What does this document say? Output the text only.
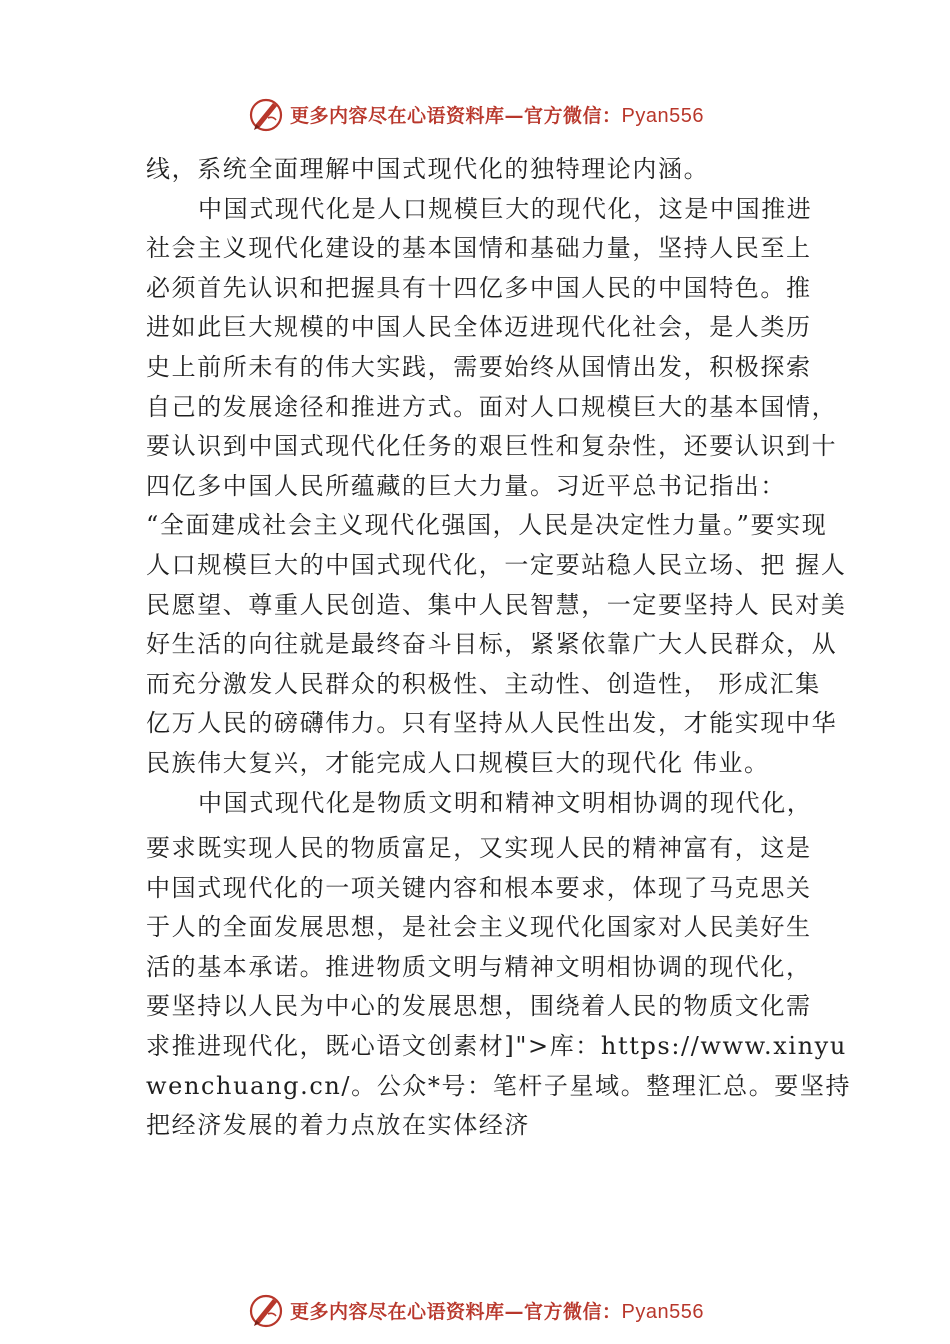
更多内容尽在心语资料库—官方微信：Pyan556
线，系统全面理解中国式现代化的独特理论内涵。
中国式现代化是人口规模巨大的现代化，这是中国推进
社会主义现代化建设的基本国情和基础力量，坚持人民至上
必须首先认识和把握具有十四亿多中国人民的中国特色。推
进如此巨大规模的中国人民全体迈进现代化社会，是人类历
史上前所未有的伟大实践，需要始终从国情出发，积极探索
自己的发展途径和推进方式。面对人口规模巨大的基本国情，
要认识到中国式现代化任务的艰巨性和复杂性，还要认识到十
四亿多中国人民所蕴藏的巨大力量。习近平总书记指出：
“全面建成社会主义现代化强国，人民是决定性力量。”要实现
人口规模巨大的中国式现代化，一定要站稳人民立场、把 握人
民愿望、尊重人民创造、集中人民智慧，一定要坚持人 民对美
好生活的向往就是最终奋斗目标，紧紧依靠广大人民群众，从
而充分激发人民群众的积极性、主动性、创造性， 形成汇集
亿万人民的磅礴伟力。只有坚持从人民性出发，才能实现中华
民族伟大复兴，才能完成人口规模巨大的现代化 伟业。
中国式现代化是物质文明和精神文明相协调的现代化，
要求既实现人民的物质富足，又实现人民的精神富有，这是
中国式现代化的一项关键内容和根本要求，体现了马克思关
于人的全面发展思想，是社会主义现代化国家对人民美好生
活的基本承诺。推进物质文明与精神文明相协调的现代化，
要坚持以人民为中心的发展思想，围绕着人民的物质文化需
求推进现代化，既心语文创素材]">库：https://www.xinyu
wenchuang.cn/。公众*号：笔杆子星域。整理汇总。要坚持
把经济发展的着力点放在实体经济
更多内容尽在心语资料库—官方微信：Pyan556
